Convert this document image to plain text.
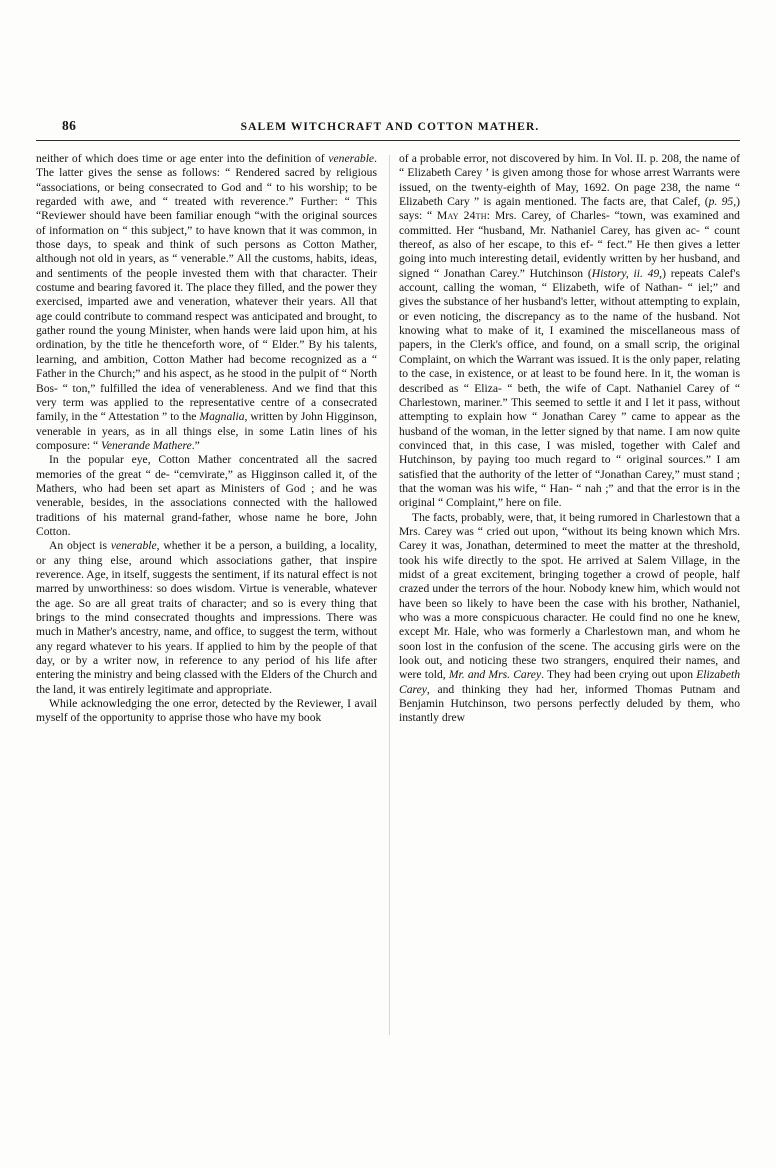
86	SALEM WITCHCRAFT AND COTTON MATHER.

neither of which does time or age enter into the definition of venerable. The latter gives the sense as follows: “ Rendered sacred by religious “associations, or being consecrated to God and “ to his worship; to be regarded with awe, and “ treated with reverence.” Further: “ This “Reviewer should have been familiar enough “with the original sources of information on “ this subject,” to have known that it was common, in those days, to speak and think of such persons as Cotton Mather, although not old in years, as “ venerable.” All the customs, habits, ideas, and sentiments of the people invested them with that character. Their costume and bearing favored it. The place they filled, and the power they exercised, imparted awe and veneration, whatever their years. All that age could contribute to command respect was anticipated and brought, to gather round the young Minister, when hands were laid upon him, at his ordination, by the title he thenceforth wore, of “ Elder.” By his talents, learning, and ambition, Cotton Mather had become recognized as a “ Father in the Church;” and his aspect, as he stood in the pulpit of “ North Bos- “ ton,” fulfilled the idea of venerableness. And we find that this very term was applied to the representative centre of a consecrated family, in the “ Attestation ” to the Magnalia, written by John Higginson, venerable in years, as in all things else, in some Latin lines of his composure: “ Venerande Mathere.”

In the popular eye, Cotton Mather concentrated all the sacred memories of the great “ de- “cemvirate,” as Higginson called it, of the Mathers, who had been set apart as Ministers of God ; and he was venerable, besides, in the associations connected with the hallowed traditions of his maternal grand-father, whose name he bore, John Cotton.

An object is venerable, whether it be a person, a building, a locality, or any thing else, around which associations gather, that inspire reverence. Age, in itself, suggests the sentiment, if its natural effect is not marred by unworthiness: so does wisdom. Virtue is venerable, whatever the age. So are all great traits of character; and so is every thing that brings to the mind consecrated thoughts and impressions. There was much in Mather's ancestry, name, and office, to suggest the term, without any regard whatever to his years. If applied to him by the people of that day, or by a writer now, in reference to any period of his life after entering the ministry and being classed with the Elders of the Church and the land, it was entirely legitimate and appropriate.

While acknowledging the one error, detected by the Reviewer, I avail myself of the opportunity to apprise those who have my book

of a probable error, not discovered by him. In Vol. II. p. 208, the name of “ Elizabeth Carey ’ is given among those for whose arrest Warrants were issued, on the twenty-eighth of May, 1692. On page 238, the name “ Elizabeth Cary ” is again mentioned. The facts are, that Calef, (p. 95,) says: “ May 24th: Mrs. Carey, of Charles- “town, was examined and committed. Her “husband, Mr. Nathaniel Carey, has given ac- “ count thereof, as also of her escape, to this ef- “ fect.” He then gives a letter going into much interesting detail, evidently written by her husband, and signed “ Jonathan Carey.” Hutchinson (History, ii. 49,) repeats Calef's account, calling the woman, “ Elizabeth, wife of Nathan- “ iel;” and gives the substance of her husband's letter, without attempting to explain, or even noticing, the discrepancy as to the name of the husband. Not knowing what to make of it, I examined the miscellaneous mass of papers, in the Clerk's office, and found, on a small scrip, the original Complaint, on which the Warrant was issued. It is the only paper, relating to the case, in existence, or at least to be found here. In it, the woman is described as “ Eliza- “ beth, the wife of Capt. Nathaniel Carey of “ Charlestown, mariner.” This seemed to settle it and I let it pass, without attempting to explain how “ Jonathan Carey ” came to appear as the husband of the woman, in the letter signed by that name. I am now quite convinced that, in this case, I was misled, together with Calef and Hutchinson, by paying too much regard to “ original sources.” I am satisfied that the authority of the letter of “Jonathan Carey,” must stand ; that the woman was his wife, “ Han- “ nah ;” and that the error is in the original “ Complaint,” here on file.

The facts, probably, were, that, it being rumored in Charlestown that a Mrs. Carey was “ cried out upon, “without its being known which Mrs. Carey it was, Jonathan, determined to meet the matter at the threshold, took his wife directly to the spot. He arrived at Salem Village, in the midst of a great excitement, bringing together a crowd of people, half crazed under the terrors of the hour. Nobody knew him, which would not have been so likely to have been the case with his brother, Nathaniel, who was a more conspicuous character. He could find no one he knew, except Mr. Hale, who was formerly a Charlestown man, and whom he soon lost in the confusion of the scene. The accusing girls were on the look out, and noticing these two strangers, enquired their names, and were told, Mr. and Mrs. Carey. They had been crying out upon Elizabeth Carey, and thinking they had her, informed Thomas Putnam and Benjamin Hutchinson, two persons perfectly deluded by them, who instantly drew
